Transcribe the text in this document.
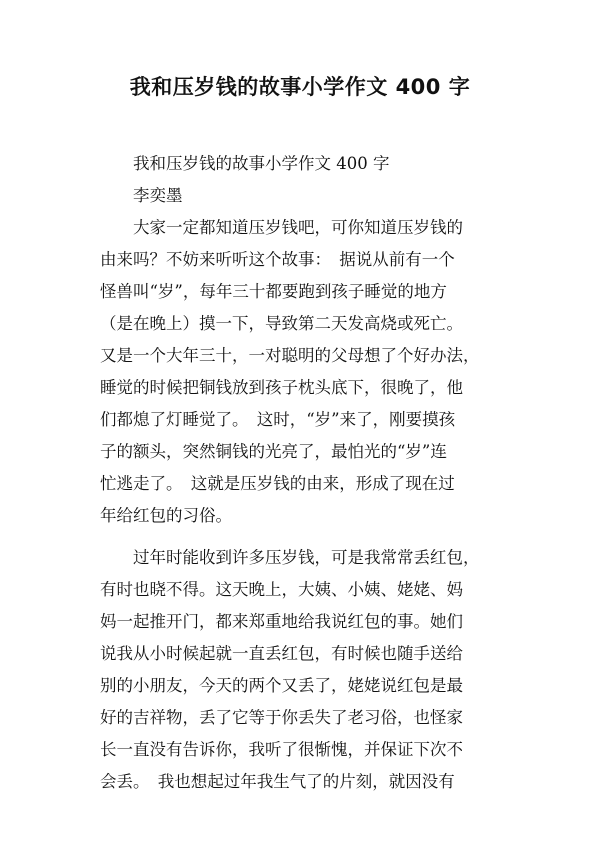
我和压岁钱的故事小学作文 400 字
我和压岁钱的故事小学作文 400 字
李奕墨
大家一定都知道压岁钱吧，可你知道压岁钱的
由来吗？不妨来听听这个故事：　据说从前有一个
怪兽叫“岁”，每年三十都要跑到孩子睡觉的地方
（是在晚上）摸一下，导致第二天发高烧或死亡。
又是一个大年三十，一对聪明的父母想了个好办法，
睡觉的时候把铜钱放到孩子枕头底下，很晚了，他
们都熄了灯睡觉了。　这时，“岁”来了，刚要摸孩
子的额头，突然铜钱的光亮了，最怕光的“岁”连
忙逃走了。　这就是压岁钱的由来，形成了现在过
年给红包的习俗。
过年时能收到许多压岁钱，可是我常常丢红包，
有时也晓不得。这天晚上，大姨、小姨、姥姥、妈
妈一起推开门，都来郑重地给我说红包的事。她们
说我从小时候起就一直丢红包，有时候也随手送给
别的小朋友，今天的两个又丢了，姥姥说红包是最
好的吉祥物，丢了它等于你丢失了老习俗，也怪家
长一直没有告诉你，我听了很惭愧，并保证下次不
会丢。　我也想起过年我生气了的片刻，就因没有
